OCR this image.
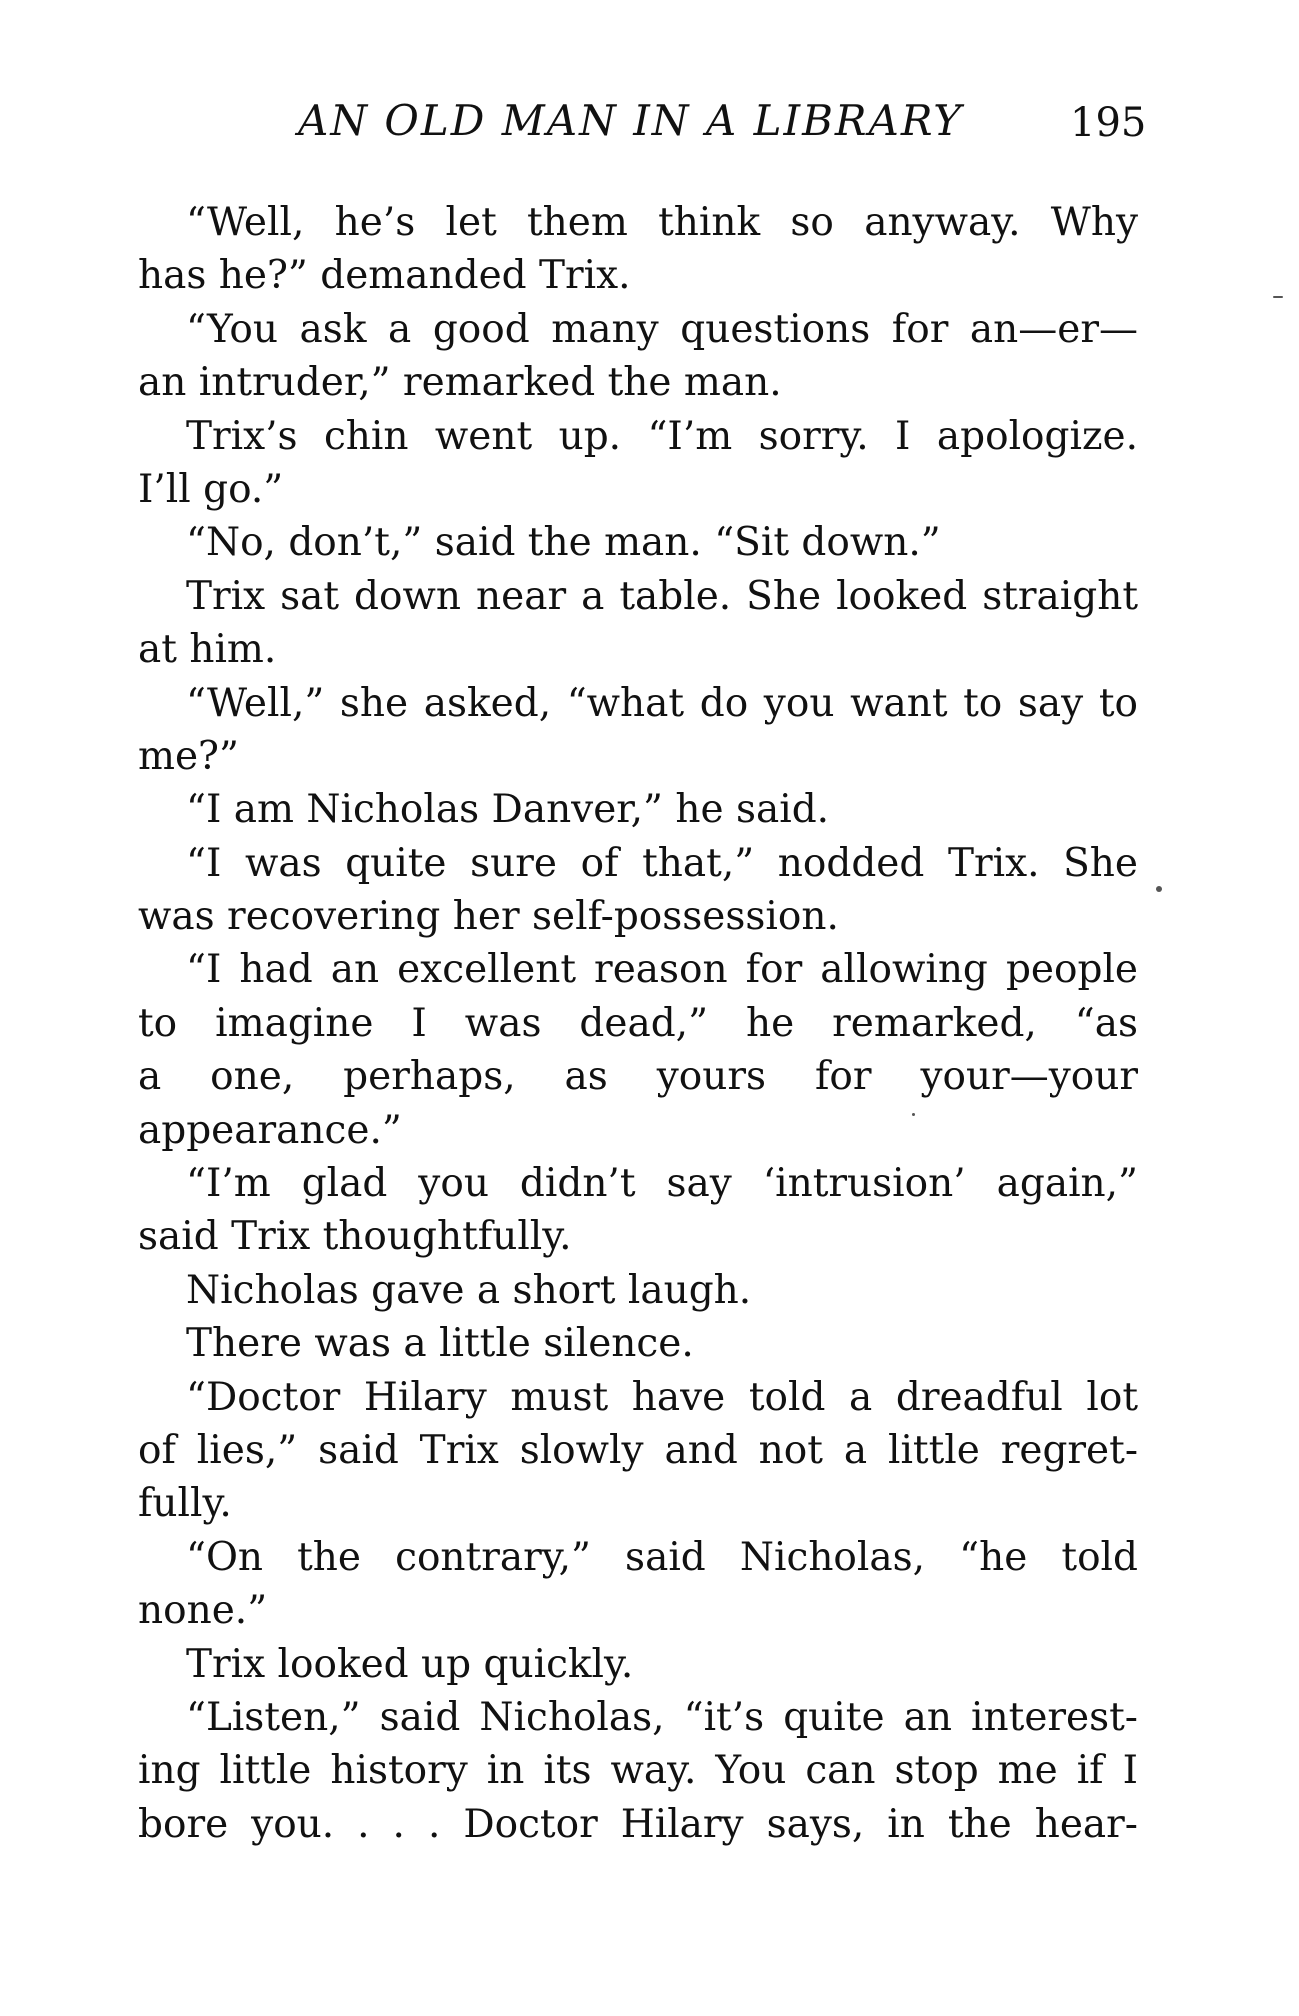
AN OLD MAN IN A LIBRARY	195
“Well, he’s let them think so anyway. Why
has he?” demanded Trix.
“You ask a good many questions for an—er—
an intruder,” remarked the man.
Trix’s chin went up. “I’m sorry. I apologize.
I’ll go.”
“No, don’t,” said the man. “Sit down.”
Trix sat down near a table. She looked straight
at him.
“Well,” she asked, “what do you want to say to
me?”
“I am Nicholas Danver,” he said.
“I was quite sure of that,” nodded Trix. She
was recovering her self-possession.
“I had an excellent reason for allowing people
to imagine I was dead,” he remarked, “as
a one, perhaps, as yours for your—your
appearance.”
“I’m glad you didn’t say ‘intrusion’ again,”
said Trix thoughtfully.
Nicholas gave a short laugh.
There was a little silence.
“Doctor Hilary must have told a dreadful lot
of lies,” said Trix slowly and not a little regret-
fully.
“On the contrary,” said Nicholas, “he told
none.”
Trix looked up quickly.
“Listen,” said Nicholas, “it’s quite an interest-
ing little history in its way. You can stop me if I
bore you. . . . Doctor Hilary says, in the hear-
